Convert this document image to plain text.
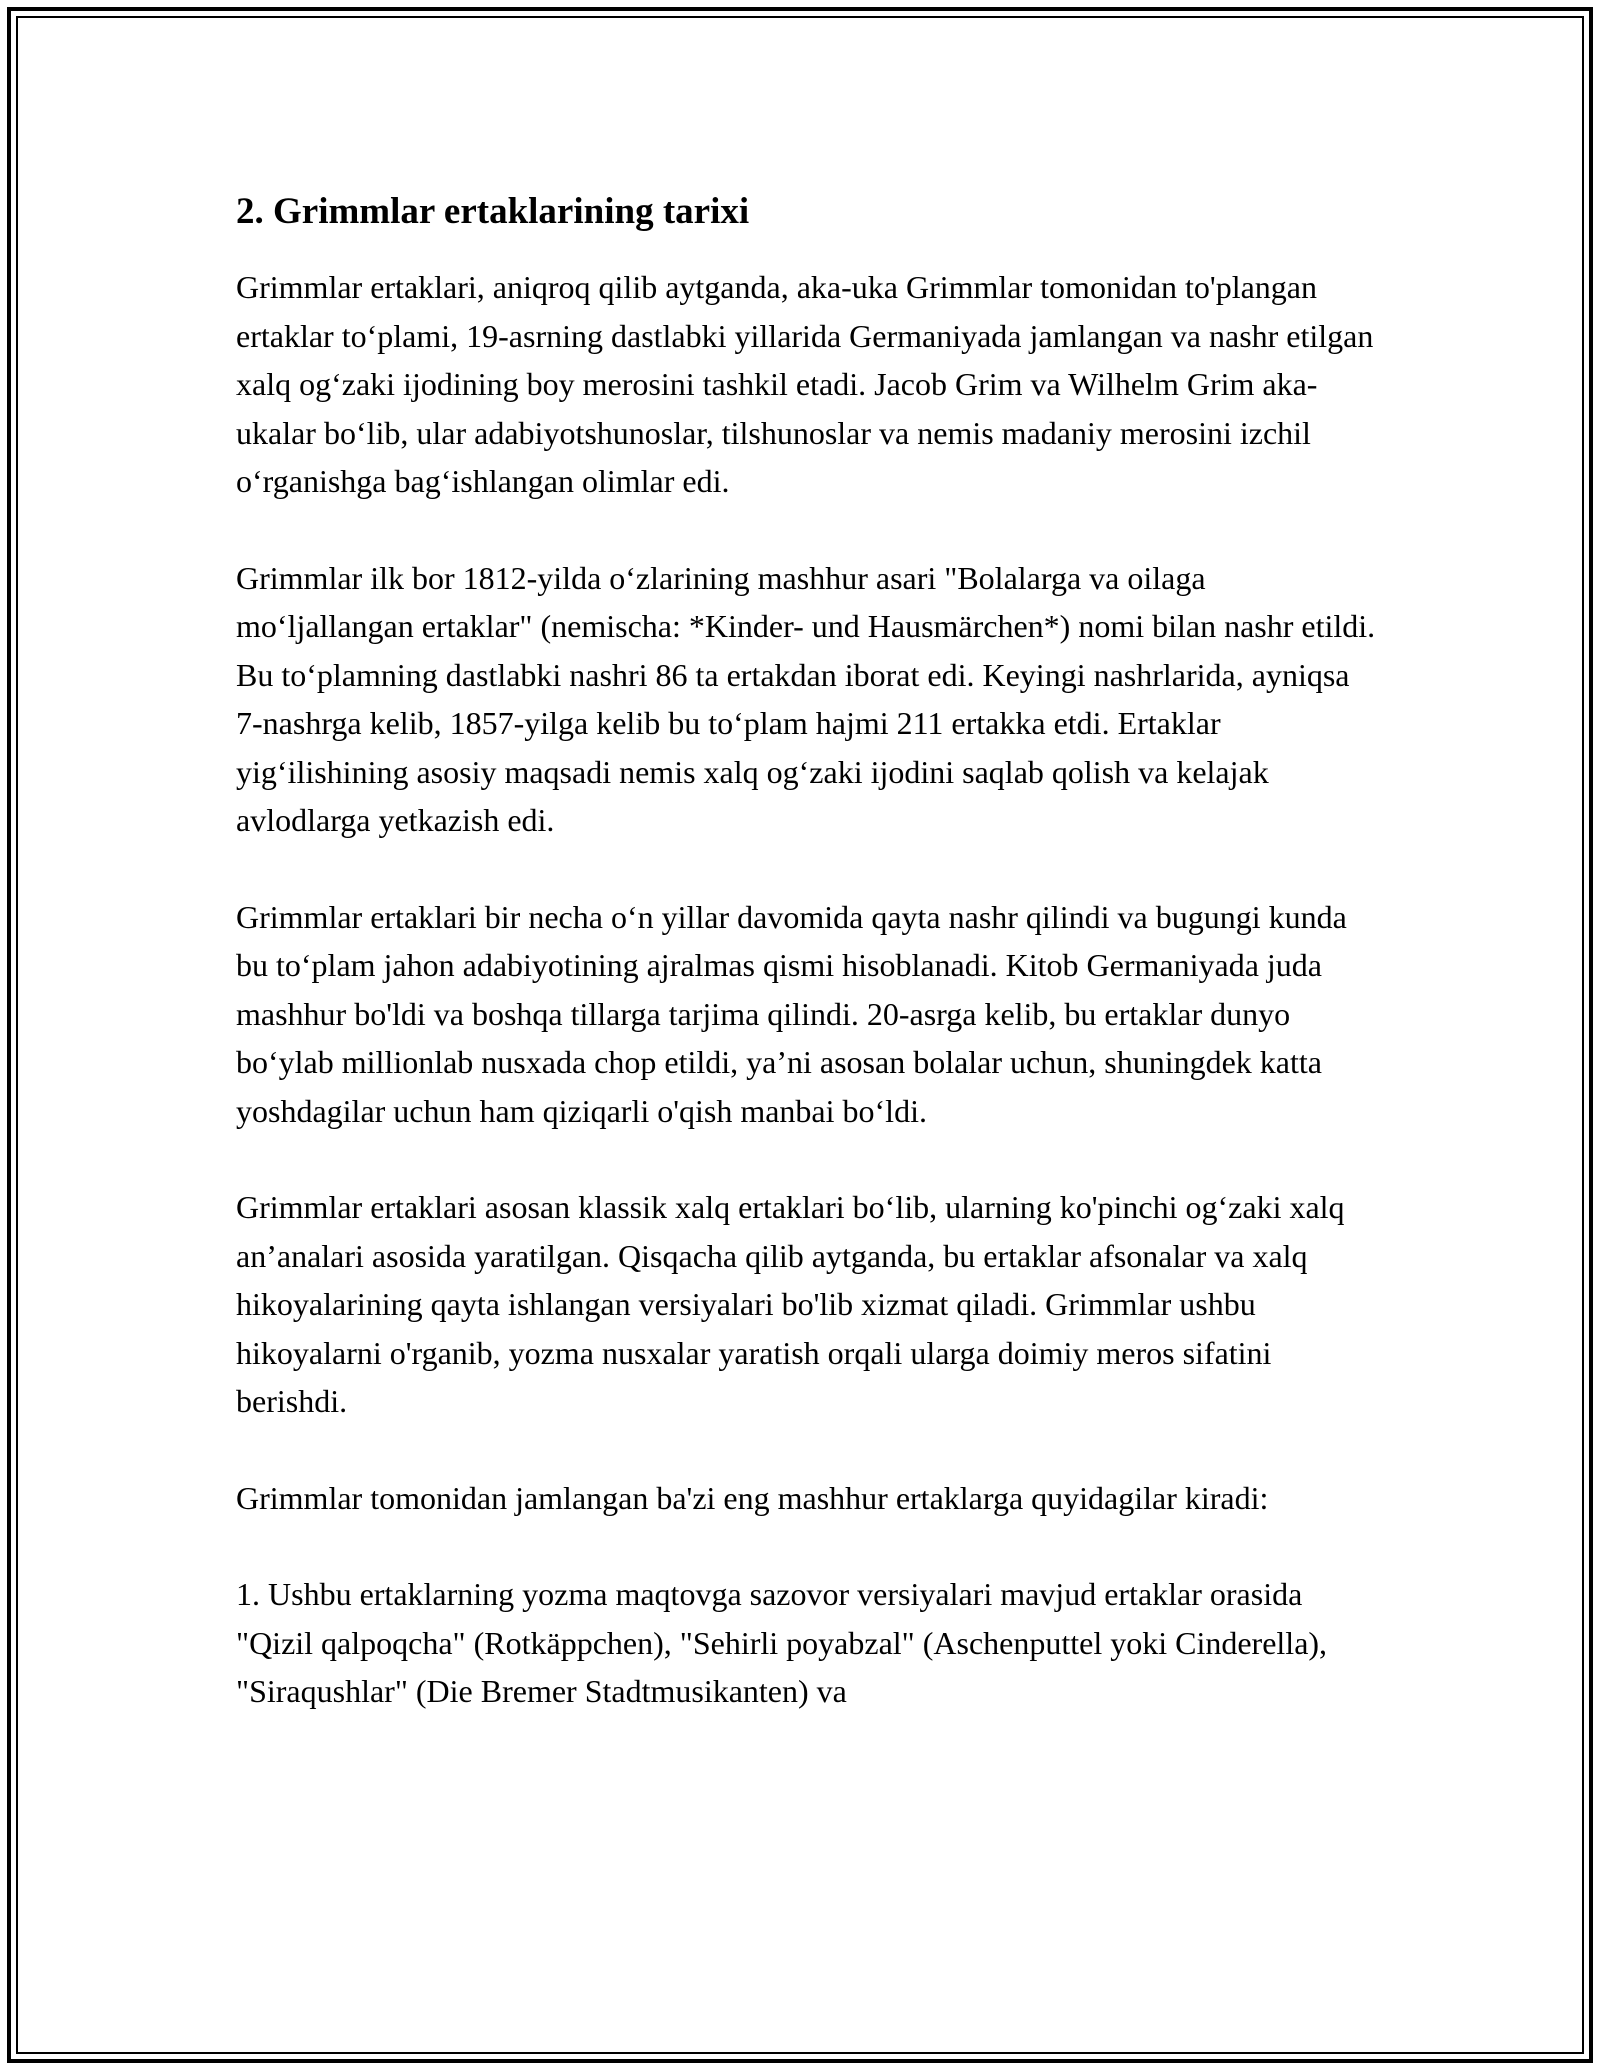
2. Grimmlar ertaklarining tarixi

Grimmlar ertaklari, aniqroq qilib aytganda, aka-uka Grimmlar tomonidan to'plangan ertaklar to‘plami, 19-asrning dastlabki yillarida Germaniyada jamlangan va nashr etilgan xalq og‘zaki ijodining boy merosini tashkil etadi. Jacob Grim va Wilhelm Grim aka-ukalar bo‘lib, ular adabiyotshunoslar, tilshunoslar va nemis madaniy merosini izchil o‘rganishga bag‘ishlangan olimlar edi.

Grimmlar ilk bor 1812-yilda o‘zlarining mashhur asari "Bolalarga va oilaga mo‘ljallangan ertaklar" (nemischa: *Kinder- und Hausmärchen*) nomi bilan nashr etildi. Bu to‘plamning dastlabki nashri 86 ta ertakdan iborat edi. Keyingi nashrlarida, ayniqsa 7-nashrga kelib, 1857-yilga kelib bu to‘plam hajmi 211 ertakka etdi. Ertaklar yig‘ilishining asosiy maqsadi nemis xalq og‘zaki ijodini saqlab qolish va kelajak avlodlarga yetkazish edi.

Grimmlar ertaklari bir necha o‘n yillar davomida qayta nashr qilindi va bugungi kunda bu to‘plam jahon adabiyotining ajralmas qismi hisoblanadi. Kitob Germaniyada juda mashhur bo'ldi va boshqa tillarga tarjima qilindi. 20-asrga kelib, bu ertaklar dunyo bo‘ylab millionlab nusxada chop etildi, ya’ni asosan bolalar uchun, shuningdek katta yoshdagilar uchun ham qiziqarli o'qish manbai bo‘ldi.

Grimmlar ertaklari asosan klassik xalq ertaklari bo‘lib, ularning ko'pinchi og‘zaki xalq an’analari asosida yaratilgan. Qisqacha qilib aytganda, bu ertaklar afsonalar va xalq hikoyalarining qayta ishlangan versiyalari bo'lib xizmat qiladi. Grimmlar ushbu hikoyalarni o'rganib, yozma nusxalar yaratish orqali ularga doimiy meros sifatini berishdi.

Grimmlar tomonidan jamlangan ba'zi eng mashhur ertaklarga quyidagilar kiradi:

1. Ushbu ertaklarning yozma maqtovga sazovor versiyalari mavjud ertaklar orasida "Qizil qalpoqcha" (Rotkäppchen), "Sehirli poyabzal" (Aschenputtel yoki Cinderella), "Siraqushlar" (Die Bremer Stadtmusikanten) va
